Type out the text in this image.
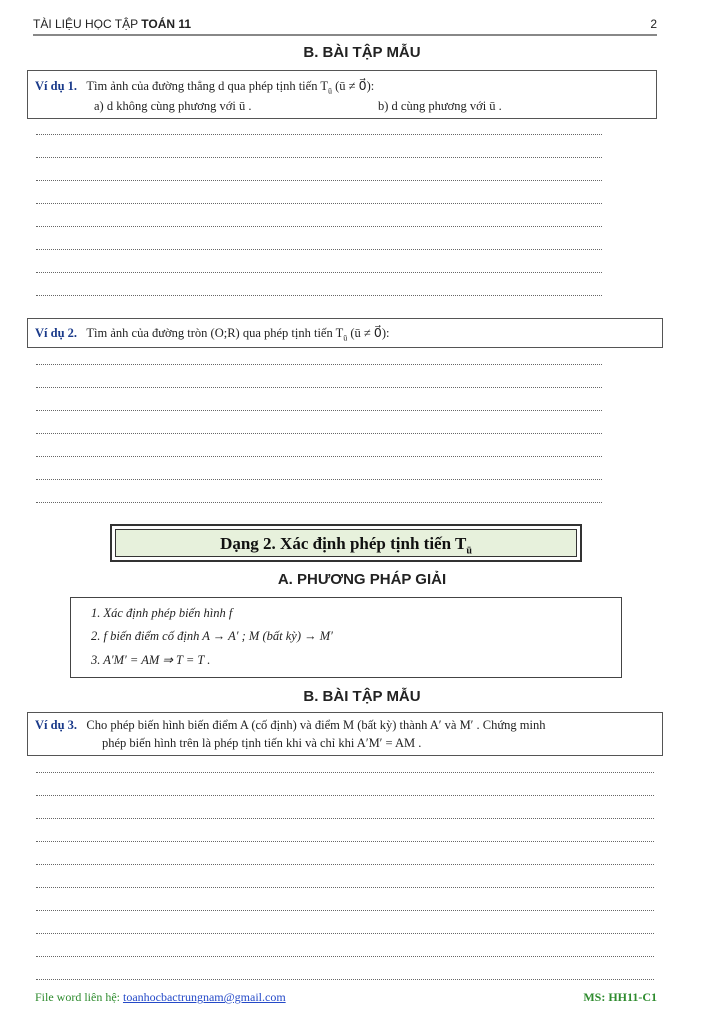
TÀI LIỆU HỌC TẬP TOÁN 11	2
B. BÀI TẬP MẪU
Ví dụ 1. Tìm ảnh của đường thẳng d qua phép tịnh tiến $T_ū$ (ū ≠ 0⃗):
a) d không cùng phương với ū .	b) d cùng phương với ū .
Ví dụ 2. Tìm ảnh của đường tròn (O;R) qua phép tịnh tiến $T_ū$ (ū ≠ 0⃗):
Dạng 2. Xác định phép tịnh tiến $T_ū$
A. PHƯƠNG PHÁP GIẢI
1. Xác định phép biến hình f
2. f biến điểm cố định A → A′ ; M (bất kỳ) → M′
3. A′M′ = AM ⇒ T = T .
B. BÀI TẬP MẪU
Ví dụ 3. Cho phép biến hình biến điểm A (cố định) và điểm M (bất kỳ) thành A′ và M′ . Chứng minh
phép biến hình trên là phép tịnh tiến khi và chỉ khi A′M′ = AM .
File word liên hệ: toanhocbactrungnam@gmail.com	MS: HH11-C1
